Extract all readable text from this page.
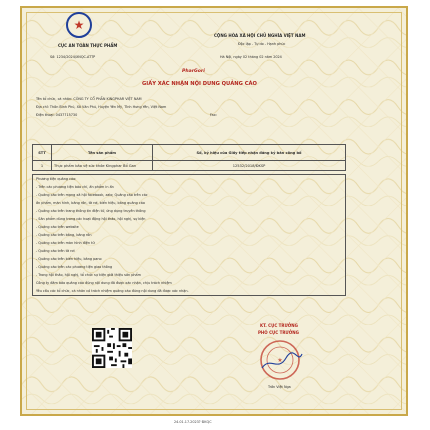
★
CỤC AN TOÀN THỰC PHẨM
Số: 1234/2024/XNQC-ATTP
CỘNG HÒA XÃ HỘI CHỦ NGHĨA VIỆT NAM
Độc lập - Tự do - Hạnh phúc
Hà Nội, ngày 02 tháng 02 năm 2024
PharGori
GIẤY XÁC NHẬN NỘI DUNG QUẢNG CÁO
Tên tổ chức, cá nhân: CÔNG TY CỔ PHẦN KINGPHAR VIỆT NAM
Địa chỉ: Thôn Bình Phú, Xã Văn Phú, Huyện Yên Mỹ, Tỉnh Hưng Yên, Việt Nam
Điện thoại: 0437715730	Fax:
STT	Tên sản phẩm	Số, ký hiệu của Giấy tiếp nhận đăng ký bản công bố
1	Thực phẩm bảo vệ sức khỏe Kingphar Bổ Gan	12532/2018/ĐKSP
Phương tiện quảng cáo:
- Trên các phương tiện báo chí, ấn phẩm in ấn
- Quảng cáo trên mạng xã hội facebook, zalo; Quảng cáo trên các
ấn phẩm, màn hình, băng rôn, tờ rơi, biển hiệu, bảng quảng cáo
- Quảng cáo trên trang thông tin điện tử, ứng dụng truyền thông
- Sản phẩm dùng trong các hoạt động hội thảo, hội nghị, sự kiện
- Quảng cáo trên website
- Quảng cáo trên bảng, băng rôn
- Quảng cáo trên màn hình điện tử
- Quảng cáo trên tờ rơi
- Quảng cáo trên biển hiệu, bảng pano
- Quảng cáo trên các phương tiện giao thông
- Trong hội thảo, hội nghị, tổ chức sự kiện giới thiệu sản phẩm
Công ty đảm bảo quảng cáo đúng nội dung đã được xác nhận, chịu trách nhiệm
Yêu cầu các tổ chức, cá nhân có trách nhiệm quảng cáo đúng nội dung đã được xác nhận.
KT. CỤC TRƯỞNG
PHÓ CỤC TRƯỞNG
★
Trần Việt Nga
24.01.17.2023? ĐKQC
